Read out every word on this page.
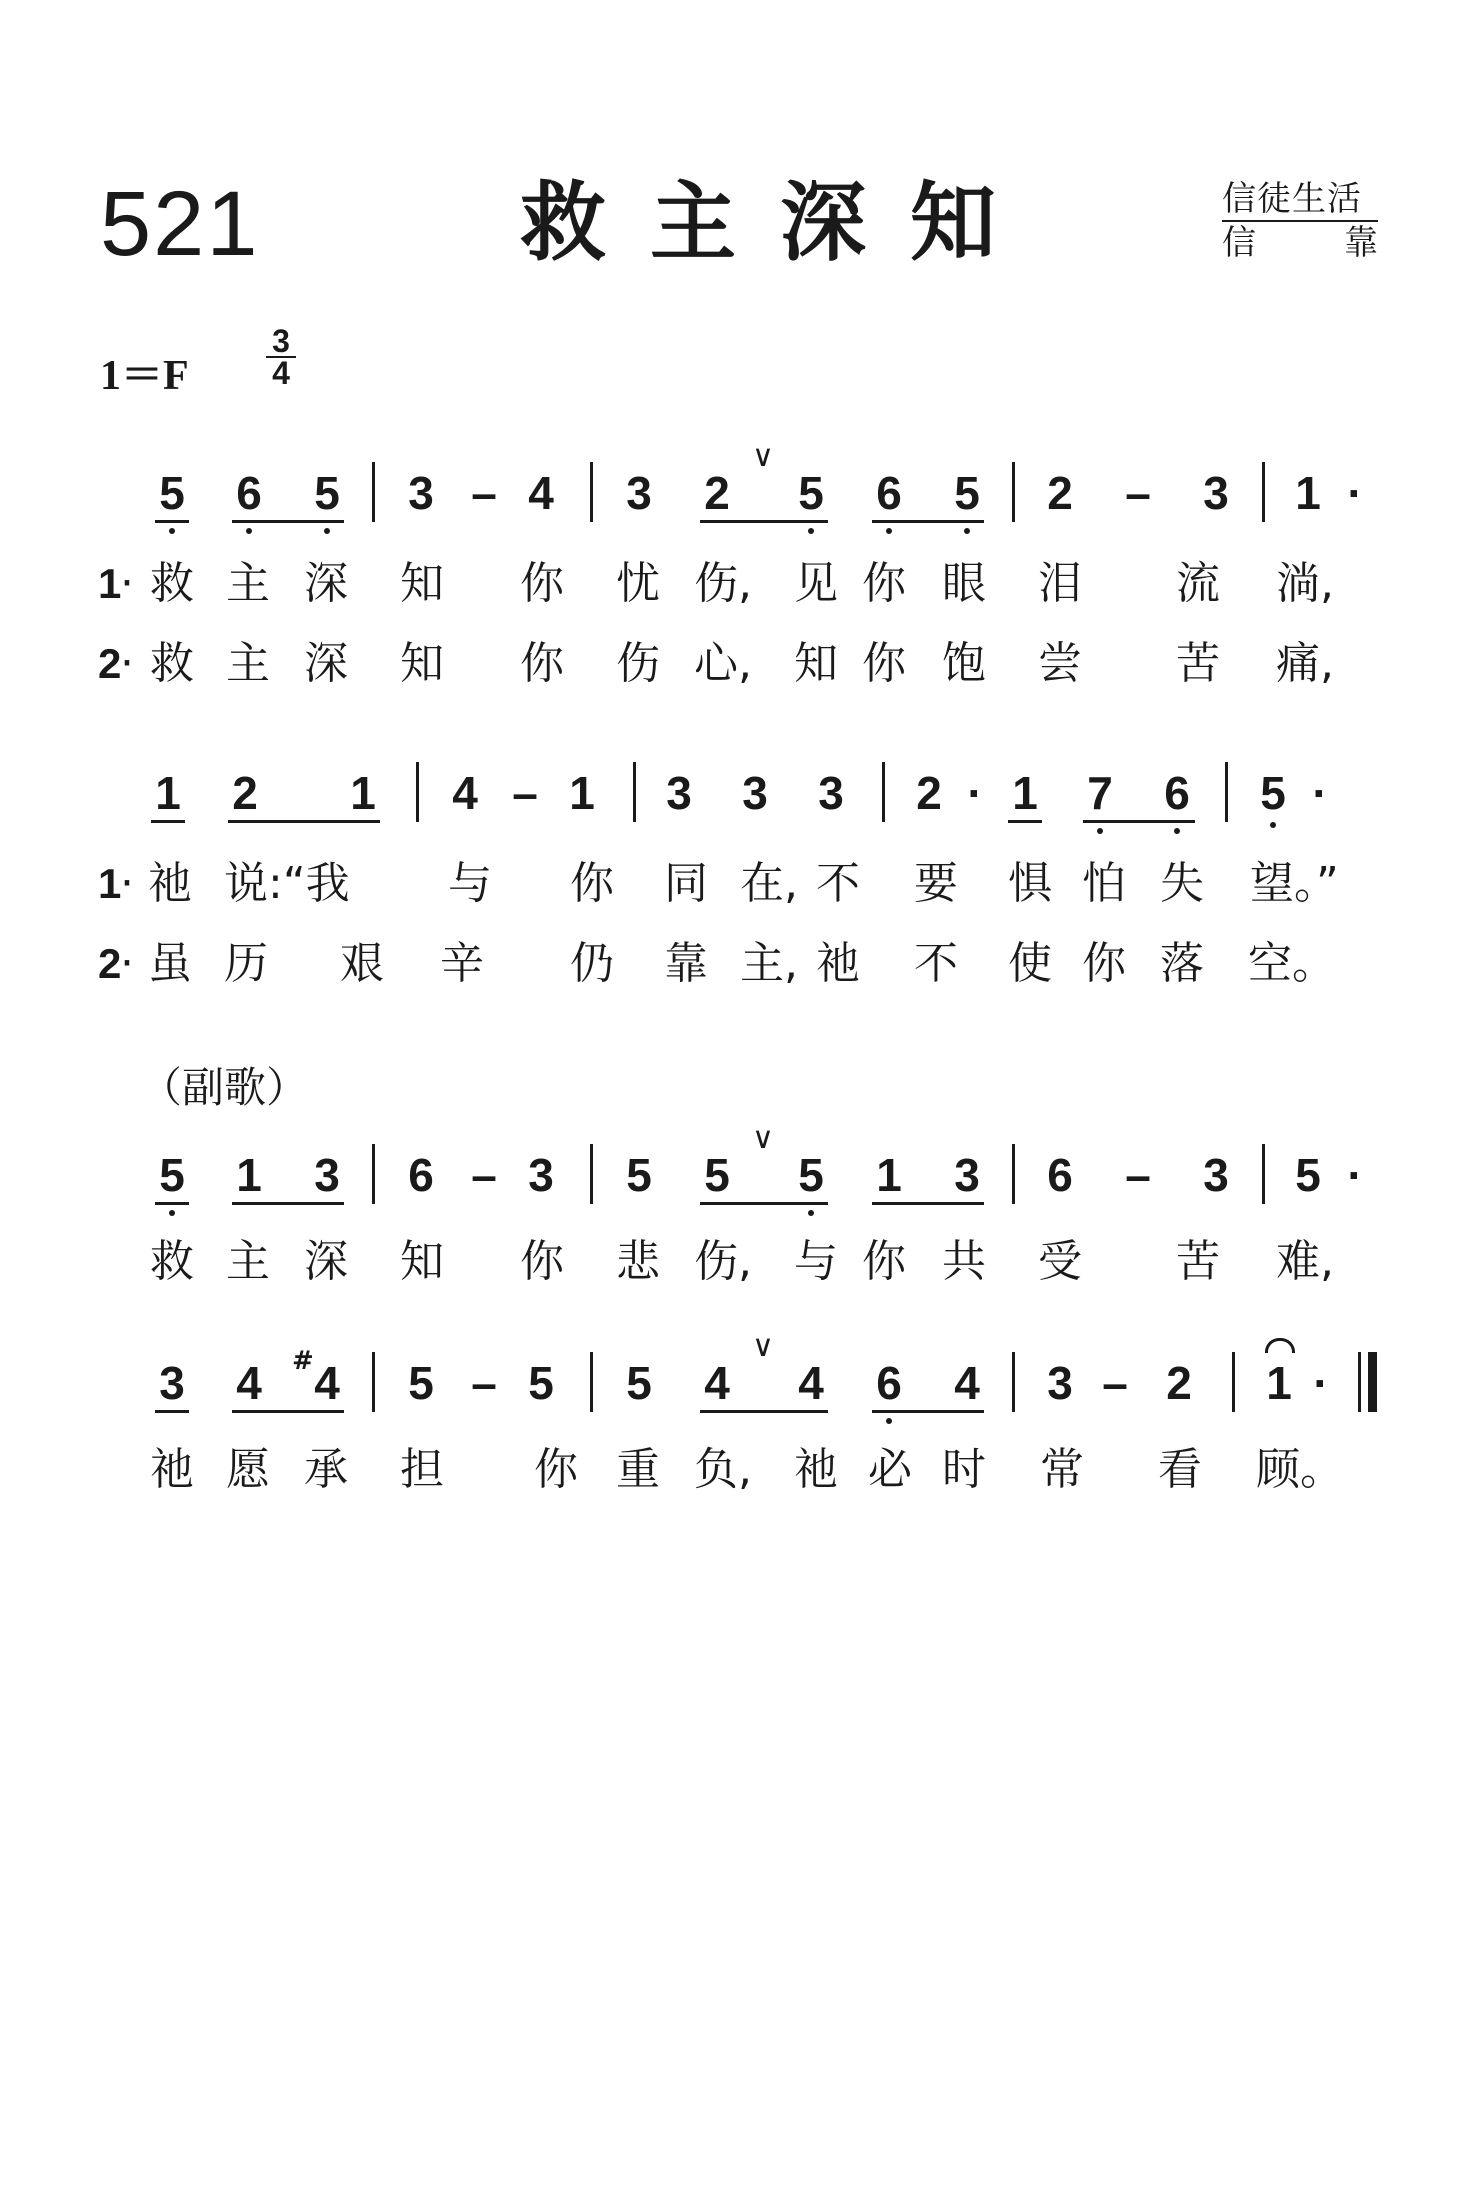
521	救主深知	信徒生活
信	靠
1＝F
3
4
5 6 5 3 – 4 3 2
∨
5 6 5 2 – 3 1 ·
1
· 救 主 深 知 你 忧 伤, 见 你 眼 泪 流 淌,
2
· 救 主 深 知 你 伤 心, 知 你 饱 尝 苦 痛,
1 2 1 4 – 1 3 3 3 2 · 1 7 6 5 ·
1
· 祂 说:“我 与 你 同 在, 不 要 惧 怕 失 望。”
2
· 虽 历 艰 辛 仍 靠 主, 祂 不 使 你 落 空。
（副歌）
5 1 3 6 – 3 5 5
∨
5 1 3 6 – 3 5 ·
救 主 深 知 你 悲 伤, 与 你 共 受 苦 难,
3 4 # 4 5 – 5 5 4
∨
4 6 4 3 – 2 1 ·
祂 愿 承 担 你 重 负, 祂 必 时 常 看 顾。
